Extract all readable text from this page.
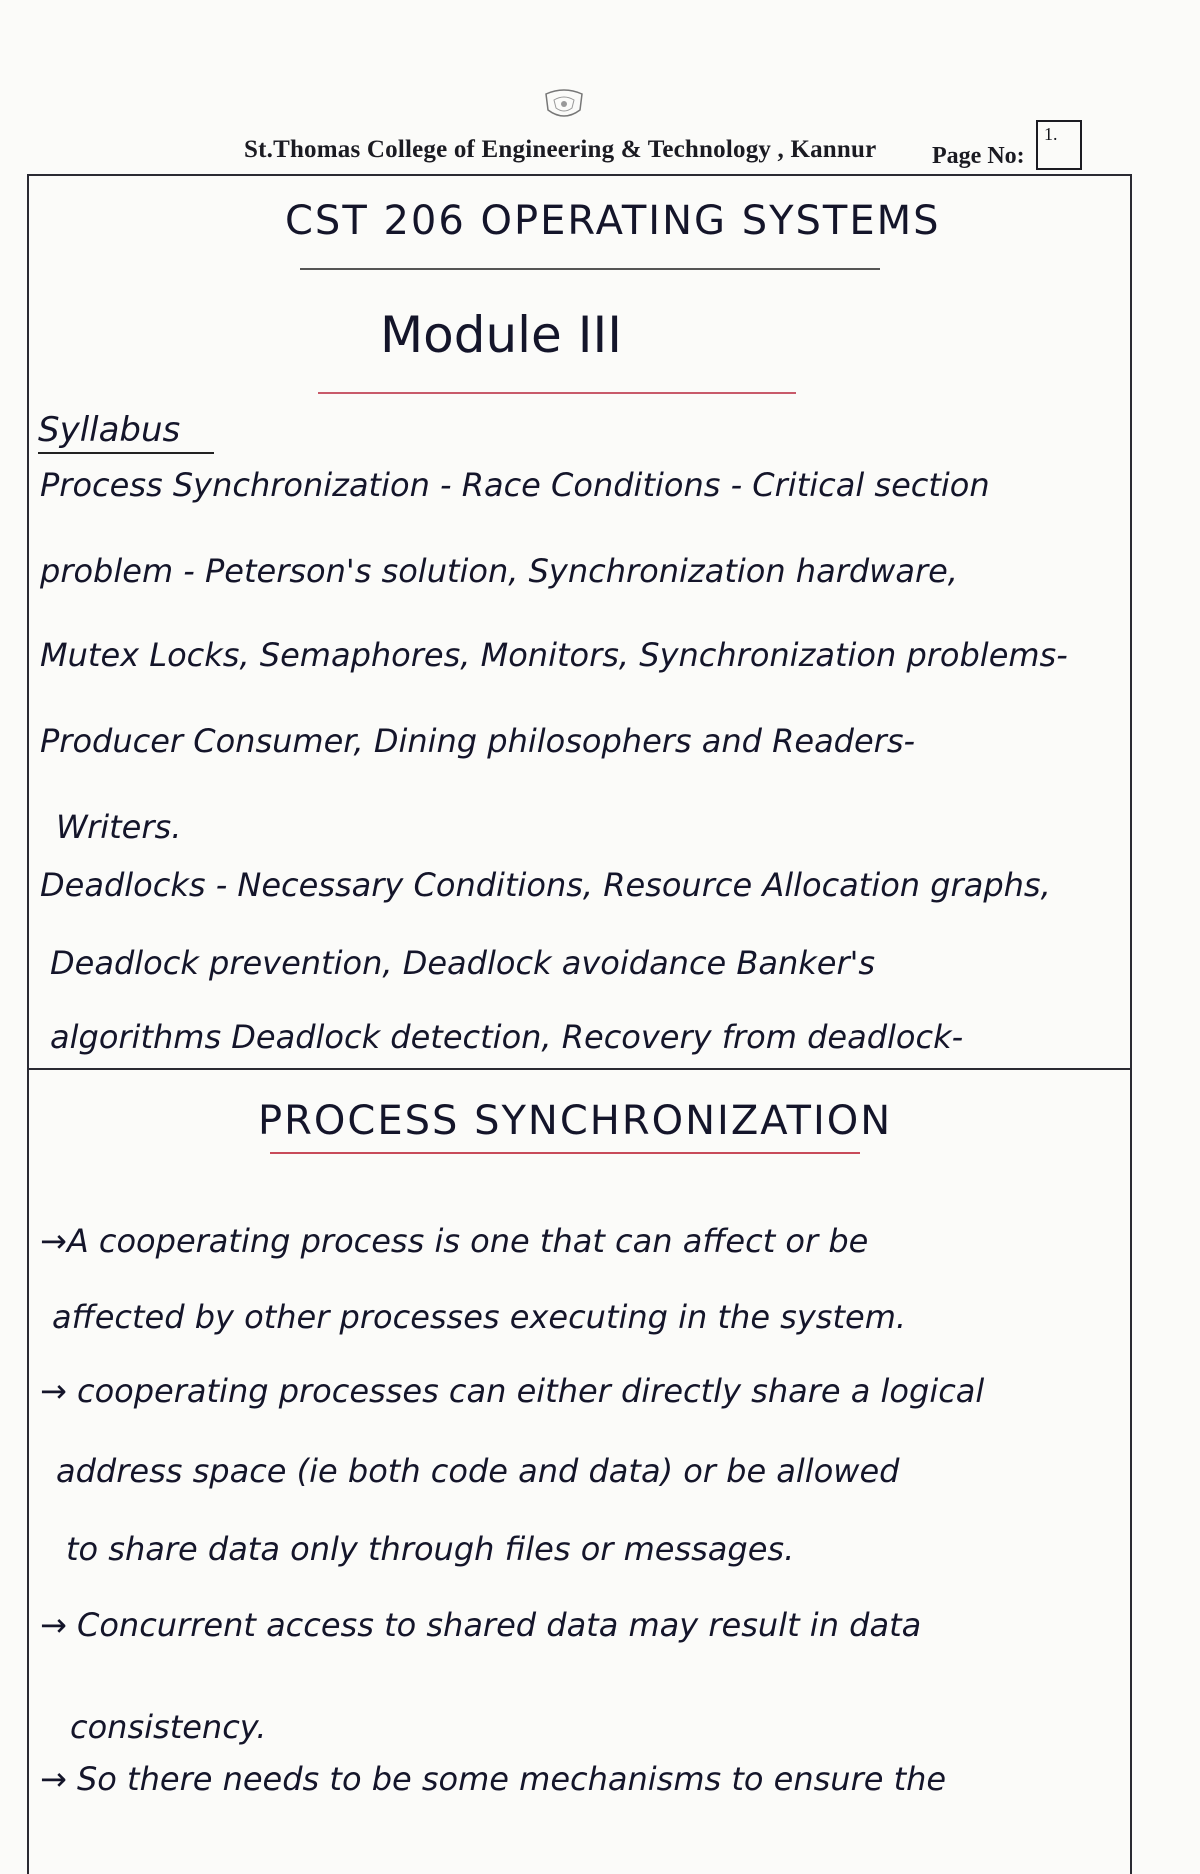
St.Thomas College of Engineering & Technology , Kannur Page No:
1.
CST 206 OPERATING SYSTEMS
Module III
Syllabus
Process Synchronization - Race Conditions - Critical section
problem - Peterson's solution, Synchronization hardware,
Mutex Locks, Semaphores, Monitors, Synchronization problems-
Producer Consumer, Dining philosophers and Readers-
Writers.
Deadlocks - Necessary Conditions, Resource Allocation graphs,
Deadlock prevention, Deadlock avoidance Banker's
algorithms Deadlock detection, Recovery from deadlock-
PROCESS SYNCHRONIZATION
→A cooperating process is one that can affect or be
affected by other processes executing in the system.
→ cooperating processes can either directly share a logical
address space (ie both code and data) or be allowed
to share data only through files or messages.
→ Concurrent access to shared data may result in data
consistency.
→ So there needs to be some mechanisms to ensure the
